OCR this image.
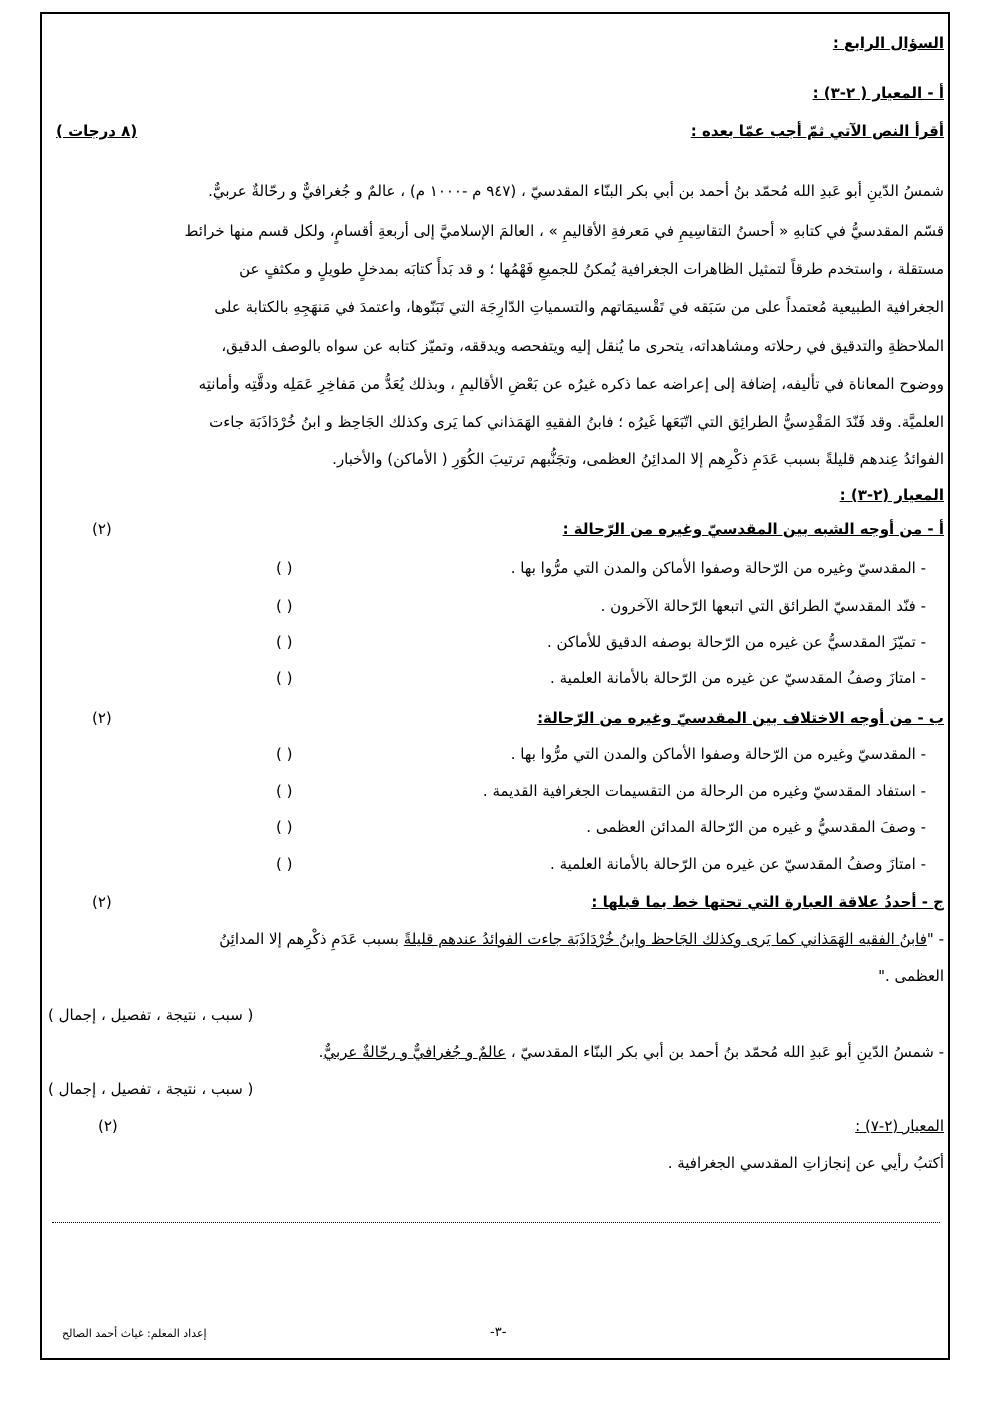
السؤال الرابع :
أ - المعيار ( ٢-٣) :
أقرأ النص الآتي ثمّ أجب عمّا بعده :
(٨ درجات )
شمسُ الدّينِ أبو عَبدِ الله مُحمّد بنُ أحمد بن أبي بكر البنّاء المقدسيّ ، (٩٤٧ م -١٠٠٠ م) ، عالمٌ و جُغرافيٌّ و رحّالةٌ عربيٌّ.
قسّم المقدسيُّ في كتابهِ « أحسنُ التقاسِيمِ في مَعرفةِ الأقاليمِ » ، العالمَ الإسلاميَّ إلى أربعةِ أقسامٍ، ولكل قسم منها خرائط
مستقلة ، واستخدم طرقاً لتمثيل الظاهرات الجغرافية يُمكنُ للجميعِ فَهْمُها ؛ و قد بَدأَ كتابَه بمدخلٍ طويلٍ و مكثفٍ عن
الجغرافية الطبيعية مُعتمداً على من سَبَقه في تَقْسيمَاتهم والتسمياتِ الدّارِجَة التي تَبَنّوها، واعتمدَ في مَنهَجِهِ بالكتابة على
الملاحظةِ والتدقيق في رحلاته ومشاهداته، يتحرى ما يُنقل إليه ويتفحصه ويدققه، وتميّز كتابه عن سواه بالوصف الدقيق،
ووضوح المعاناة في تأليفه، إضافة إلى إعراضه عما ذكره غيرُه عن بَعْضِ الأقاليمِ ، وبذلك يُعَدُّ من مَفاخِرِ عَمَلِه ودقَّتِه وأمانتِه
العلميَّة. وقد فَنّدَ المَقْدِسيُّ الطرائِق التي اتّبَعَها غَيرُه ؛ فابنُ الفقيهِ الهَمَذاني كما يَرى وكذلك الجَاحِظ و ابنُ خُرْدَاذَبَة جاءت
الفوائدُ عِندهم قليلةً بسبب عَدَمِ ذكْرِهم إلا المدائِنُ العظمى، وتجَنُّبهم ترتيبَ الكُوَرِ ( الأماكن) والأخبار.
المعيار (٢-٣) :
أ - من أوجه الشبه بين المقدسيّ وغيره من الرّحالة :
(٢)
- المقدسيّ وغيره من الرّحالة وصفوا الأماكن والمدن التي مرُّوا بها .
- فنّد المقدسيّ الطرائق التي اتبعها الرّحالة الآخرون .
- تميّزَ المقدسيُّ عن غيره من الرّحالة بوصفه الدقيق للأماكن .
- امتازَ وصفُ المقدسيّ عن غيره من الرّحالة بالأمانة العلمية .
ب - من أوجه الاختلاف بين المقدسيّ وغيره من الرّحالة:
(٢)
- المقدسيّ وغيره من الرّحالة وصفوا الأماكن والمدن التي مرُّوا بها .
- استفاد المقدسيّ وغيره من الرحالة من التقسيمات الجغرافية القديمة .
- وصفَ المقدسيُّ و غيره من الرّحالة المدائن العظمى .
- امتازَ وصفُ المقدسيّ عن غيره من الرّحالة بالأمانة العلمية .
( )
( )
( )
( )
( )
( )
( )
( )
ج - أحددُ علاقة العبارة التي تحتها خط بما قبلها :
(٢)
- "فابنُ الفقيه الهَمَذاني كما يَرى وكذلك الجَاحظ وابنُ خُرْدَاذَبَة جاءت الفوائدُ عندهم قليلةً بسبب عَدَمِ ذكْرِهم إلا المدائِنُ
العظمى ."
( سبب ، نتيجة ، تفصيل ، إجمال )
- شمسُ الدّينِ أبو عَبدِ الله مُحمّد بنُ أحمد بن أبي بكر البنّاء المقدسيّ ، عالمٌ و جُغرافيٌّ و رحّالةٌ عربيٌّ.
( سبب ، نتيجة ، تفصيل ، إجمال )
المعيار (٢-٧) :
(٢)
أكتبُ رأيي عن إنجازاتِ المقدسي الجغرافية .
إعداد المعلم: غياث أحمد الصالح	-٣-
